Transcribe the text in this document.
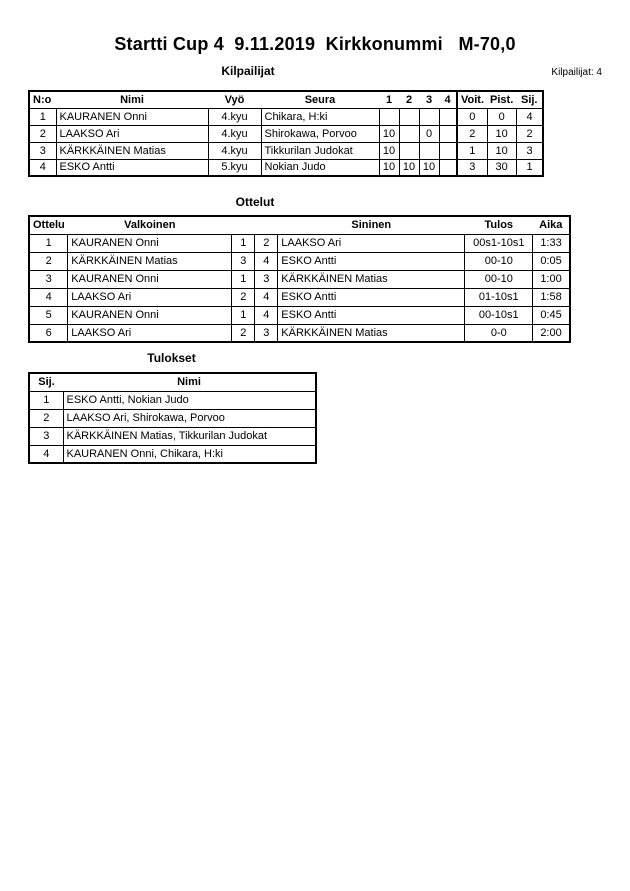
Startti Cup 4  9.11.2019  Kirkkonummi   M-70,0
Kilpailijat	Kilpailijat: 4
N:o	Nimi	Vyö	Seura	1	2	3	4	Voit.	Pist.	Sij.
1	KAURANEN Onni	4.kyu	Chikara, H:ki					0	0	4
2	LAAKSO Ari	4.kyu	Shirokawa, Porvoo	10		0		2	10	2
3	KÄRKKÄINEN Matias	4.kyu	Tikkurilan Judokat	10				1	10	3
4	ESKO Antti	5.kyu	Nokian Judo	10	10	10		3	30	1
Ottelut
Ottelu	Valkoinen			Sininen	Tulos	Aika
1	KAURANEN Onni	1	2	LAAKSO Ari	00s1-10s1	1:33
2	KÄRKKÄINEN Matias	3	4	ESKO Antti	00-10	0:05
3	KAURANEN Onni	1	3	KÄRKKÄINEN Matias	00-10	1:00
4	LAAKSO Ari	2	4	ESKO Antti	01-10s1	1:58
5	KAURANEN Onni	1	4	ESKO Antti	00-10s1	0:45
6	LAAKSO Ari	2	3	KÄRKKÄINEN Matias	0-0	2:00
Tulokset
Sij.	Nimi
1	ESKO Antti, Nokian Judo
2	LAAKSO Ari, Shirokawa, Porvoo
3	KÄRKKÄINEN Matias, Tikkurilan Judokat
4	KAURANEN Onni, Chikara, H:ki
